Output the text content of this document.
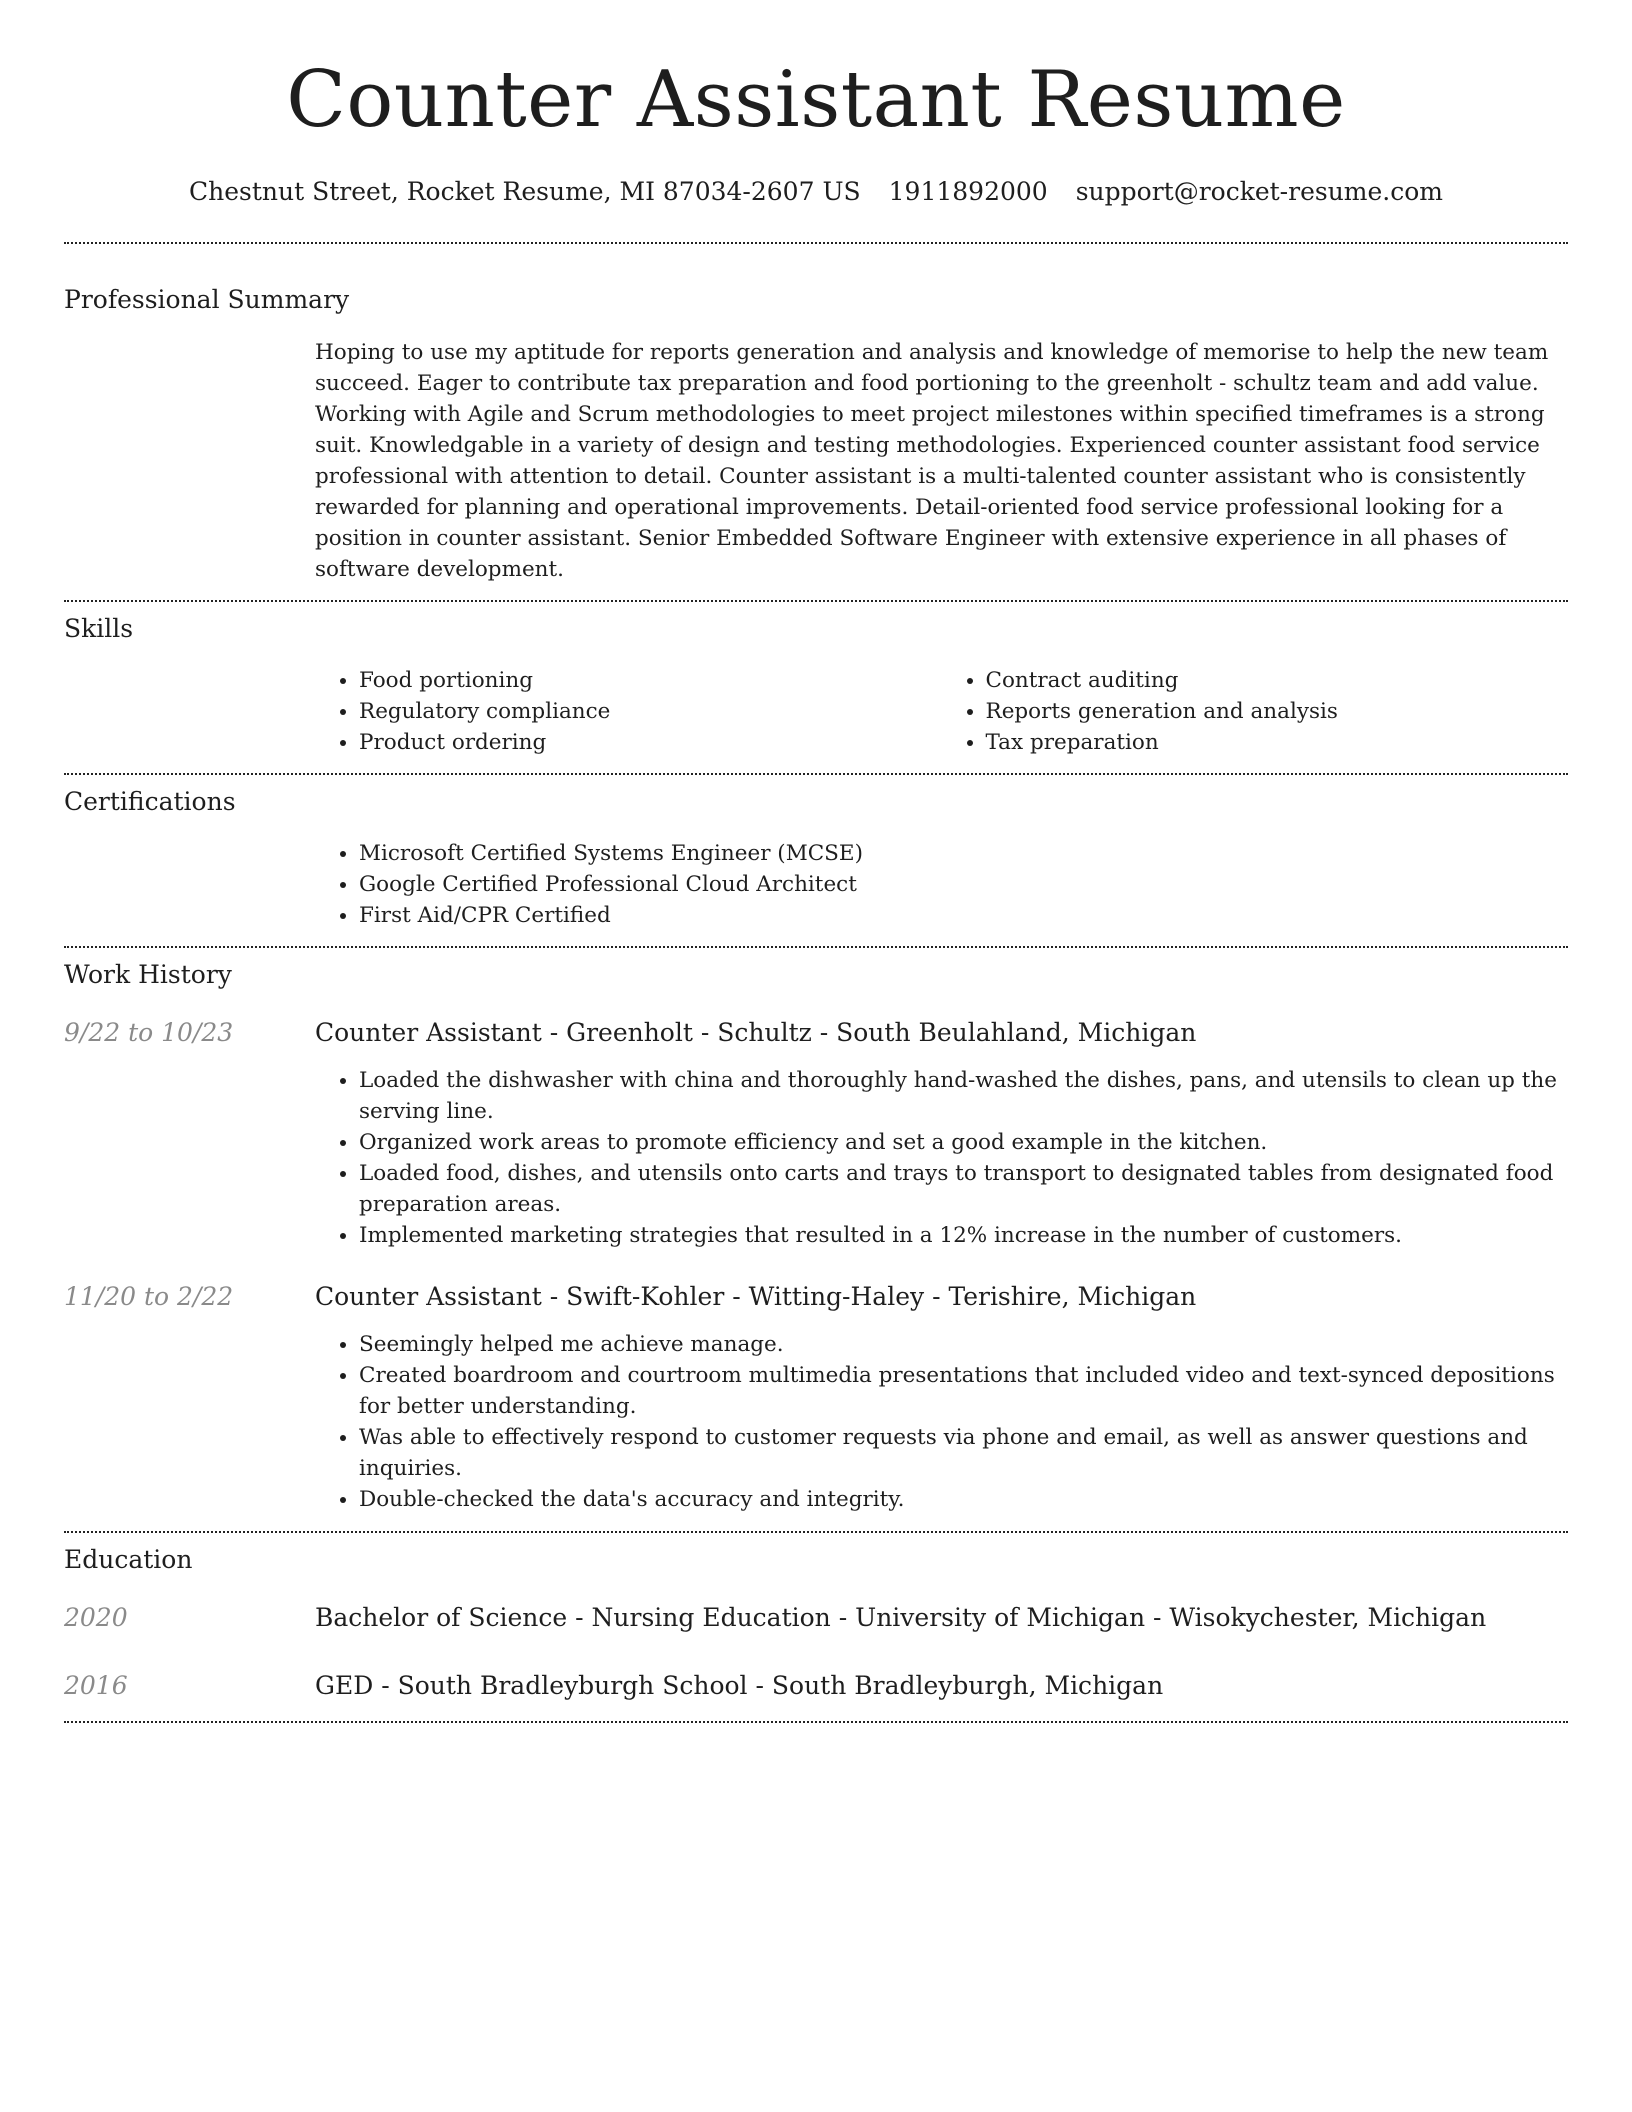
Counter Assistant Resume
Chestnut Street, Rocket Resume, MI 87034-2607 US 1911892000 support@rocket-resume.com
Professional Summary

Hoping to use my aptitude for reports generation and analysis and knowledge of memorise to help the new team succeed. Eager to contribute tax preparation and food portioning to the greenholt - schultz team and add value. Working with Agile and Scrum methodologies to meet project milestones within specified timeframes is a strong suit. Knowledgable in a variety of design and testing methodologies. Experienced counter assistant food service professional with attention to detail. Counter assistant is a multi-talented counter assistant who is consistently rewarded for planning and operational improvements. Detail-oriented food service professional looking for a position in counter assistant. Senior Embedded Software Engineer with extensive experience in all phases of software development.

Skills
• Food portioning
• Regulatory compliance
• Product ordering
• Contract auditing
• Reports generation and analysis
• Tax preparation
Certifications
• Microsoft Certified Systems Engineer (MCSE)
• Google Certified Professional Cloud Architect
• First Aid/CPR Certified
Work History
9/22 to 10/23	Counter Assistant - Greenholt - Schultz - South Beulahland, Michigan
• Loaded the dishwasher with china and thoroughly hand-washed the dishes, pans, and utensils to clean up the serving line.
• Organized work areas to promote efficiency and set a good example in the kitchen.
• Loaded food, dishes, and utensils onto carts and trays to transport to designated tables from designated food preparation areas.
• Implemented marketing strategies that resulted in a 12% increase in the number of customers.
11/20 to 2/22	Counter Assistant - Swift-Kohler - Witting-Haley - Terishire, Michigan
• Seemingly helped me achieve manage.
• Created boardroom and courtroom multimedia presentations that included video and text-synced depositions for better understanding.
• Was able to effectively respond to customer requests via phone and email, as well as answer questions and inquiries.
• Double-checked the data's accuracy and integrity.
Education
2020	Bachelor of Science - Nursing Education - University of Michigan - Wisokychester, Michigan
2016	GED - South Bradleyburgh School - South Bradleyburgh, Michigan
